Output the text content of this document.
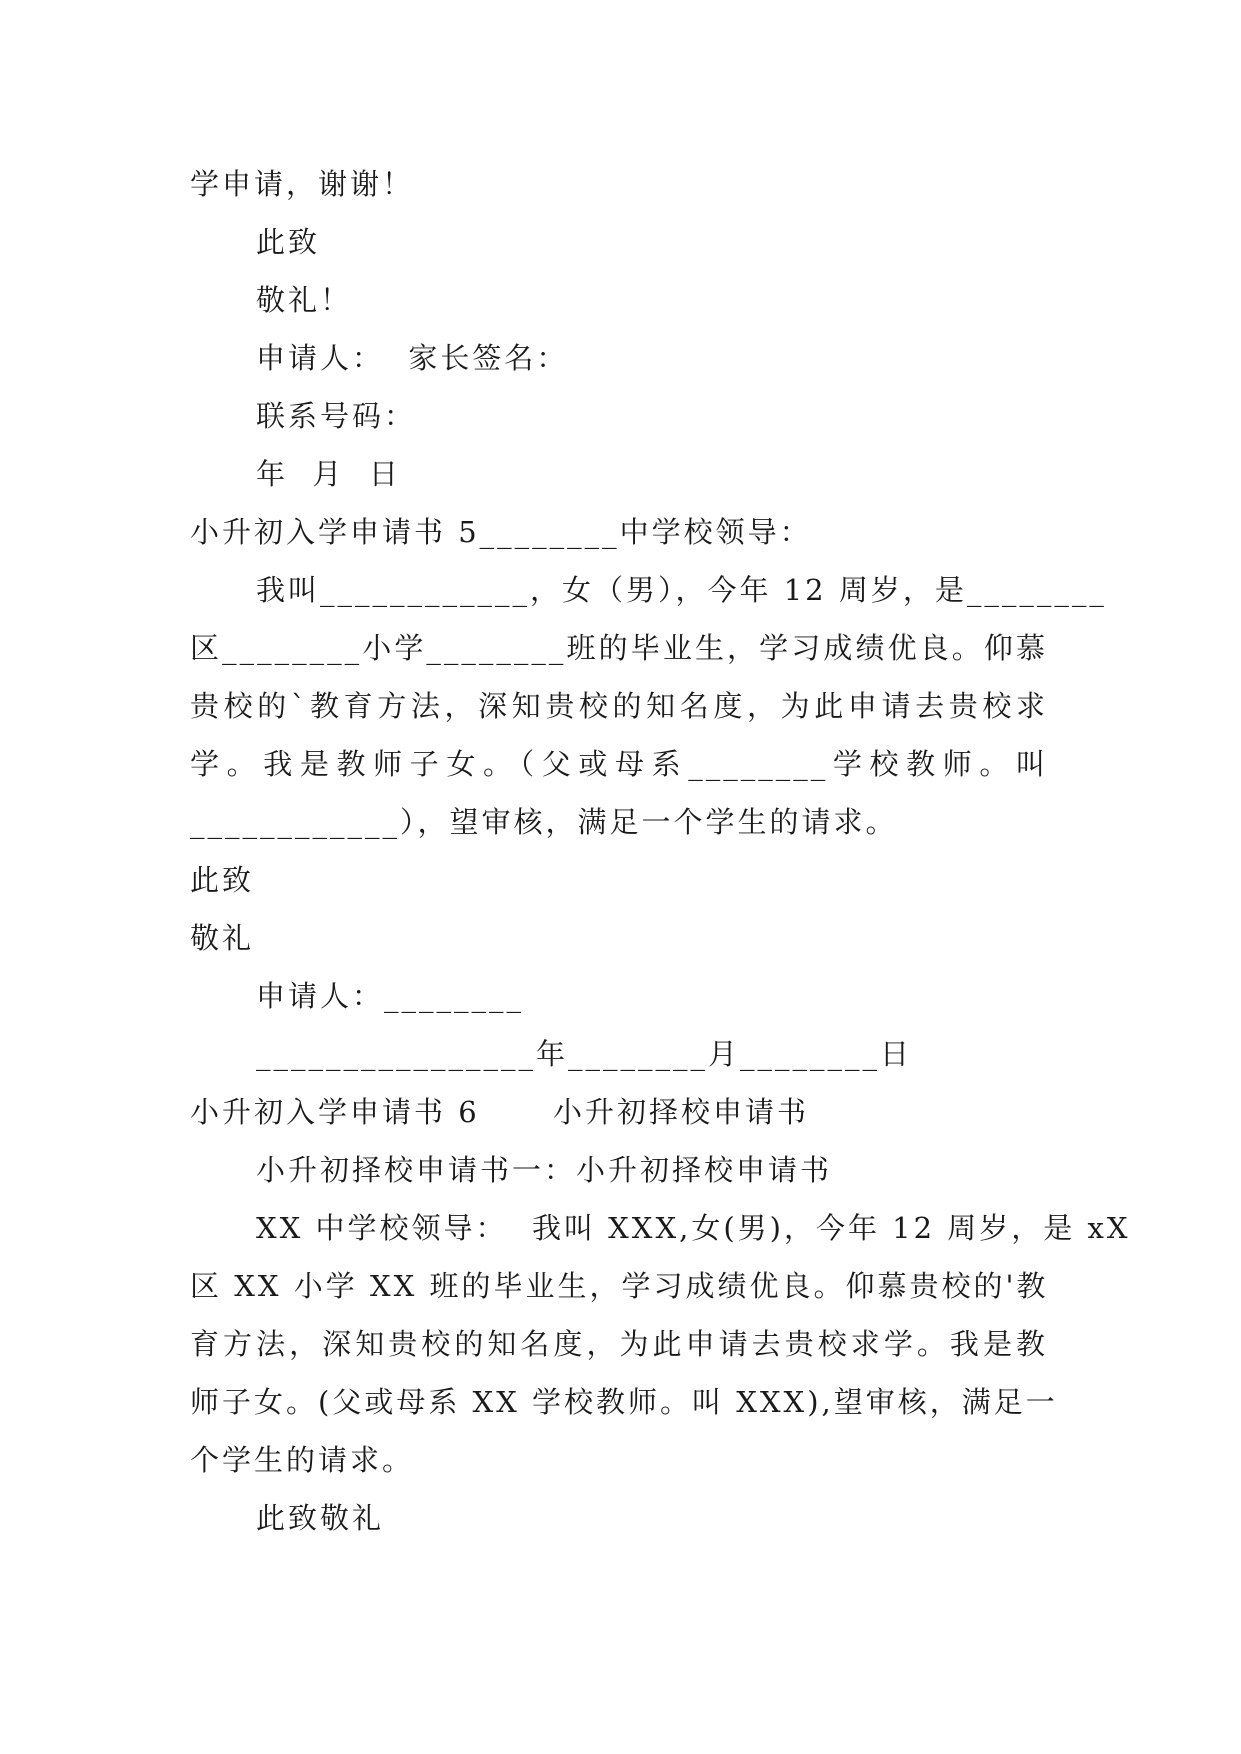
学申请，谢谢！
此致
敬礼！
申请人：  家长签名：
联系号码：
年  月  日
小升初入学申请书 5________中学校领导：
我叫____________，女（男），今年 12 周岁，是________
区________小学________班的毕业生，学习成绩优良。仰慕
贵校的`教育方法，深知贵校的知名度，为此申请去贵校求
学。我是教师子女。（父或母系________学校教师。叫
____________），望审核，满足一个学生的请求。
此致
敬礼
申请人：________
________________年________月________日
小升初入学申请书 6      小升初择校申请书
小升初择校申请书一：小升初择校申请书
XX 中学校领导：  我叫 XXX,女(男)，今年 12 周岁，是 xX
区 XX 小学 XX 班的毕业生，学习成绩优良。仰慕贵校的'教
育方法，深知贵校的知名度，为此申请去贵校求学。我是教
师子女。(父或母系 XX 学校教师。叫 XXX),望审核，满足一
个学生的请求。
此致敬礼
